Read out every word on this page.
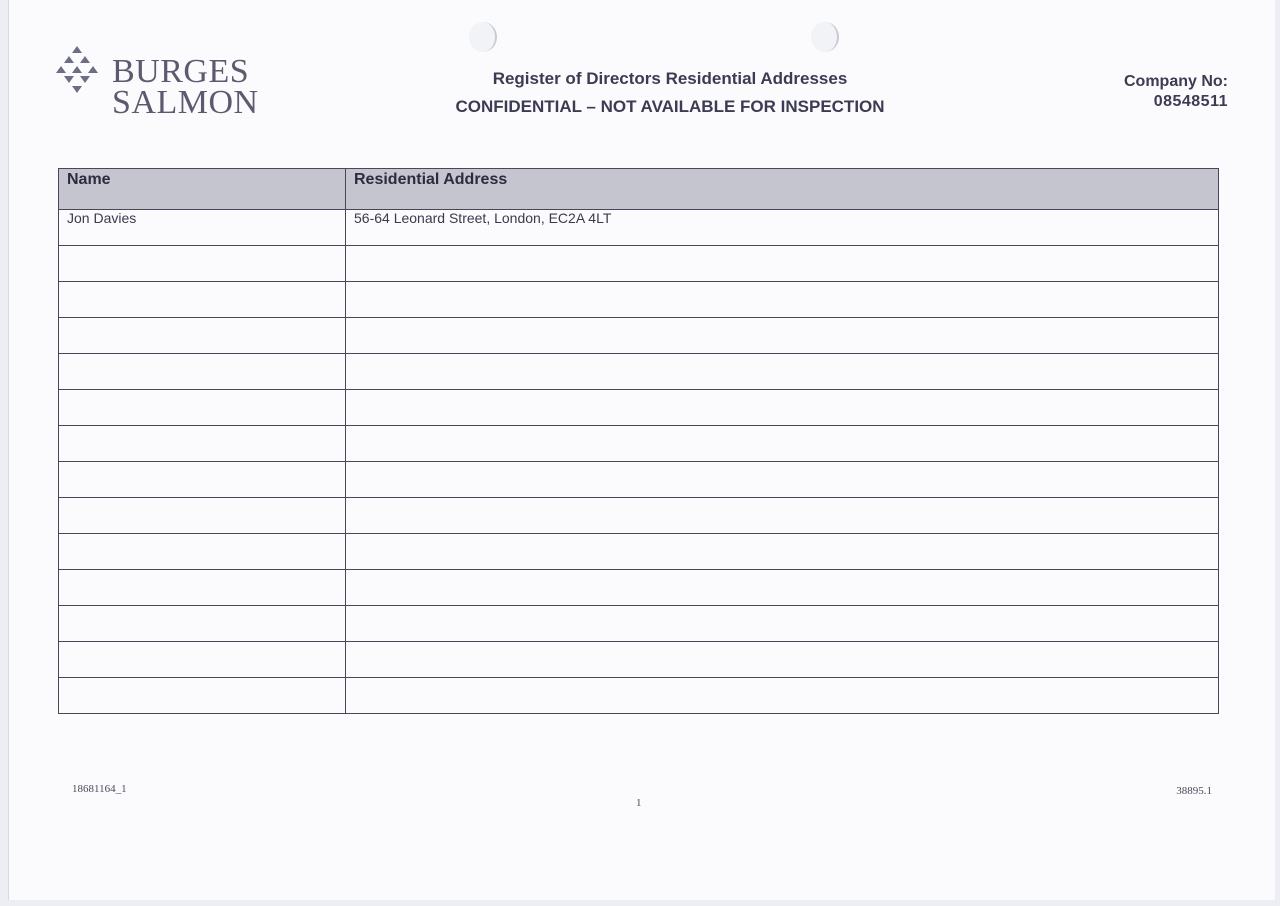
BURGES
SALMON
Register of Directors Residential Addresses
CONFIDENTIAL – NOT AVAILABLE FOR INSPECTION
Company No:
08548511
Name	Residential Address
Jon Davies	56-64 Leonard Street, London, EC2A 4LT

18681164_1
1
38895.1
